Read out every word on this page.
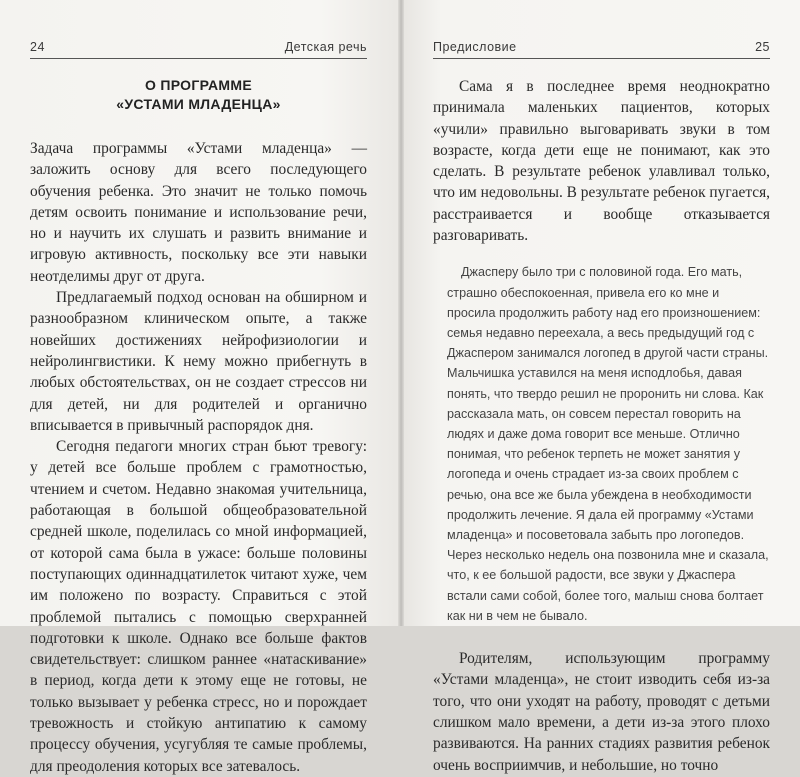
24	Детская речь
О ПРОГРАММЕ
«УСТАМИ МЛАДЕНЦА»

Задача программы «Устами младенца» — заложить основу для всего последующего обучения ребенка. Это значит не только помочь детям освоить понимание и использование речи, но и научить их слушать и развить внимание и игровую активность, поскольку все эти навыки неотделимы друг от друга.

Предлагаемый подход основан на обширном и разнообразном клиническом опыте, а также новейших достижениях нейрофизиологии и нейролингвистики. К нему можно прибегнуть в любых обстоятельствах, он не создает стрессов ни для детей, ни для родителей и органично вписывается в привычный распорядок дня.

Сегодня педагоги многих стран бьют тревогу: у детей все больше проблем с грамотностью, чтением и счетом. Недавно знакомая учительница, работающая в большой общеобразовательной средней школе, поделилась со мной информацией, от которой сама была в ужасе: больше половины поступающих одиннадцатилеток читают хуже, чем им положено по возрасту. Справиться с этой проблемой пытались с помощью сверхранней подготовки к школе. Однако все больше фактов свидетельствует: слишком раннее «натаскивание» в период, когда дети к этому еще не готовы, не только вызывает у ребенка стресс, но и порождает тревожность и стойкую антипатию к самому процессу обучения, усугубляя те самые проблемы, для преодоления которых все затевалось.

Предисловие	25

Сама я в последнее время неоднократно принимала маленьких пациентов, которых «учили» правильно выговаривать звуки в том возрасте, когда дети еще не понимают, как это сделать. В результате ребенок улавливал только, что им недовольны. В результате ребенок пугается, расстраивается и вообще отказывается разговаривать.

Джасперу было три с половиной года. Его мать, страшно обеспокоенная, привела его ко мне и просила продолжить работу над его произношением: семья недавно переехала, а весь предыдущий год с Джаспером занимался логопед в другой части страны. Мальчишка уставился на меня исподлобья, давая понять, что твердо решил не проронить ни слова. Как рассказала мать, он совсем перестал говорить на людях и даже дома говорит все меньше. Отлично понимая, что ребенок терпеть не может занятия у логопеда и очень страдает из-за своих проблем с речью, она все же была убеждена в необходимости продолжить лечение. Я дала ей программу «Устами младенца» и посоветовала забыть про логопедов. Через несколько недель она позвонила мне и сказала, что, к ее большой радости, все звуки у Джаспера встали сами собой, более того, малыш снова болтает как ни в чем не бывало.

Родителям, использующим программу «Устами младенца», не стоит изводить себя из-за того, что они уходят на работу, проводят с детьми слишком мало времени, а дети из-за этого плохо развиваются. На ранних стадиях развития ребенок очень восприимчив, и небольшие, но точно
